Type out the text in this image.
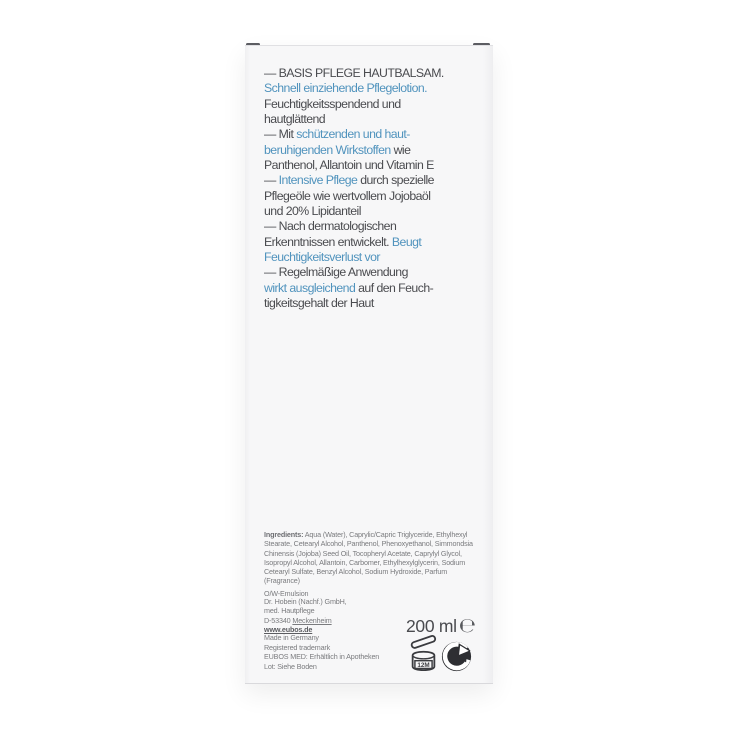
— BASIS PFLEGE HAUTBALSAM.
Schnell einziehende Pflegelotion.
Feuchtigkeitsspendend und
hautglättend
— Mit schützenden und haut-
beruhigenden Wirkstoffen wie
Panthenol, Allantoin und Vitamin E
— Intensive Pflege durch spezielle
Pflegeöle wie wertvollem Jojobaöl
und 20% Lipidanteil
— Nach dermatologischen
Erkenntnissen entwickelt. Beugt
Feuchtigkeitsverlust vor
— Regelmäßige Anwendung
wirkt ausgleichend auf den Feuch-
tigkeitsgehalt der Haut

Ingredients: Aqua (Water), Caprylic/Capric Triglyceride, Ethylhexyl Stearate, Cetearyl Alcohol, Panthenol, Phenoxyethanol, Simmondsia Chinensis (Jojoba) Seed Oil, Tocopheryl Acetate, Caprylyl Glycol, Isopropyl Alcohol, Allantoin, Carbomer, Ethylhexylglycerin, Sodium Cetearyl Sulfate, Benzyl Alcohol, Sodium Hydroxide, Parfum (Fragrance)

O/W-Emulsion

Dr. Hobein (Nachf.) GmbH,
med. Hautpflege
D-53340 Meckenheim
www.eubos.de
Made in Germany
Registered trademark
EUBOS MED: Erhältlich in Apotheken
Lot: Siehe Boden
200 ml ℮
12M
